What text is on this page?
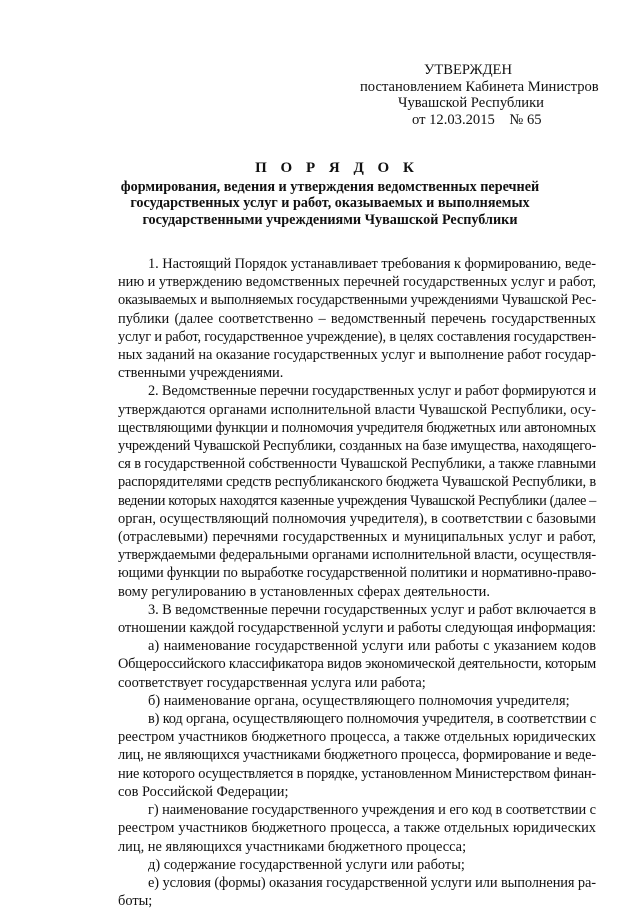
УТВЕРЖДЕН
постановлением Кабинета Министров
Чувашской Республики
от 12.03.2015    № 65
П О Р Я Д О К
формирования, ведения и утверждения ведомственных перечней
государственных услуг и работ, оказываемых и выполняемых
государственными учреждениями Чувашской Республики
1. Настоящий Порядок устанавливает требования к формированию, веде-
нию и утверждению ведомственных перечней государственных услуг и работ,
оказываемых и выполняемых государственными учреждениями Чувашской Рес-
публики (далее соответственно – ведомственный перечень государственных
услуг и работ, государственное учреждение), в целях составления государствен-
ных заданий на оказание государственных услуг и выполнение работ государ-
ственными учреждениями.
2. Ведомственные перечни государственных услуг и работ формируются и
утверждаются органами исполнительной власти Чувашской Республики, осу-
ществляющими функции и полномочия учредителя бюджетных или автономных
учреждений Чувашской Республики, созданных на базе имущества, находящего-
ся в государственной собственности Чувашской Республики, а также главными
распорядителями средств республиканского бюджета Чувашской Республики, в
ведении которых находятся казенные учреждения Чувашской Республики (далее –
орган, осуществляющий полномочия учредителя), в соответствии с базовыми
(отраслевыми) перечнями государственных и муниципальных услуг и работ,
утверждаемыми федеральными органами исполнительной власти, осуществля-
ющими функции по выработке государственной политики и нормативно-право-
вому регулированию в установленных сферах деятельности.
3. В ведомственные перечни государственных услуг и работ включается в
отношении каждой государственной услуги и работы следующая информация:
а) наименование государственной услуги или работы с указанием кодов
Общероссийского классификатора видов экономической деятельности, которым
соответствует государственная услуга или работа;
б) наименование органа, осуществляющего полномочия учредителя;
в) код органа, осуществляющего полномочия учредителя, в соответствии с
реестром участников бюджетного процесса, а также отдельных юридических
лиц, не являющихся участниками бюджетного процесса, формирование и веде-
ние которого осуществляется в порядке, установленном Министерством финан-
сов Российской Федерации;
г) наименование государственного учреждения и его код в соответствии с
реестром участников бюджетного процесса, а также отдельных юридических
лиц, не являющихся участниками бюджетного процесса;
д) содержание государственной услуги или работы;
е) условия (формы) оказания государственной услуги или выполнения ра-
боты;
